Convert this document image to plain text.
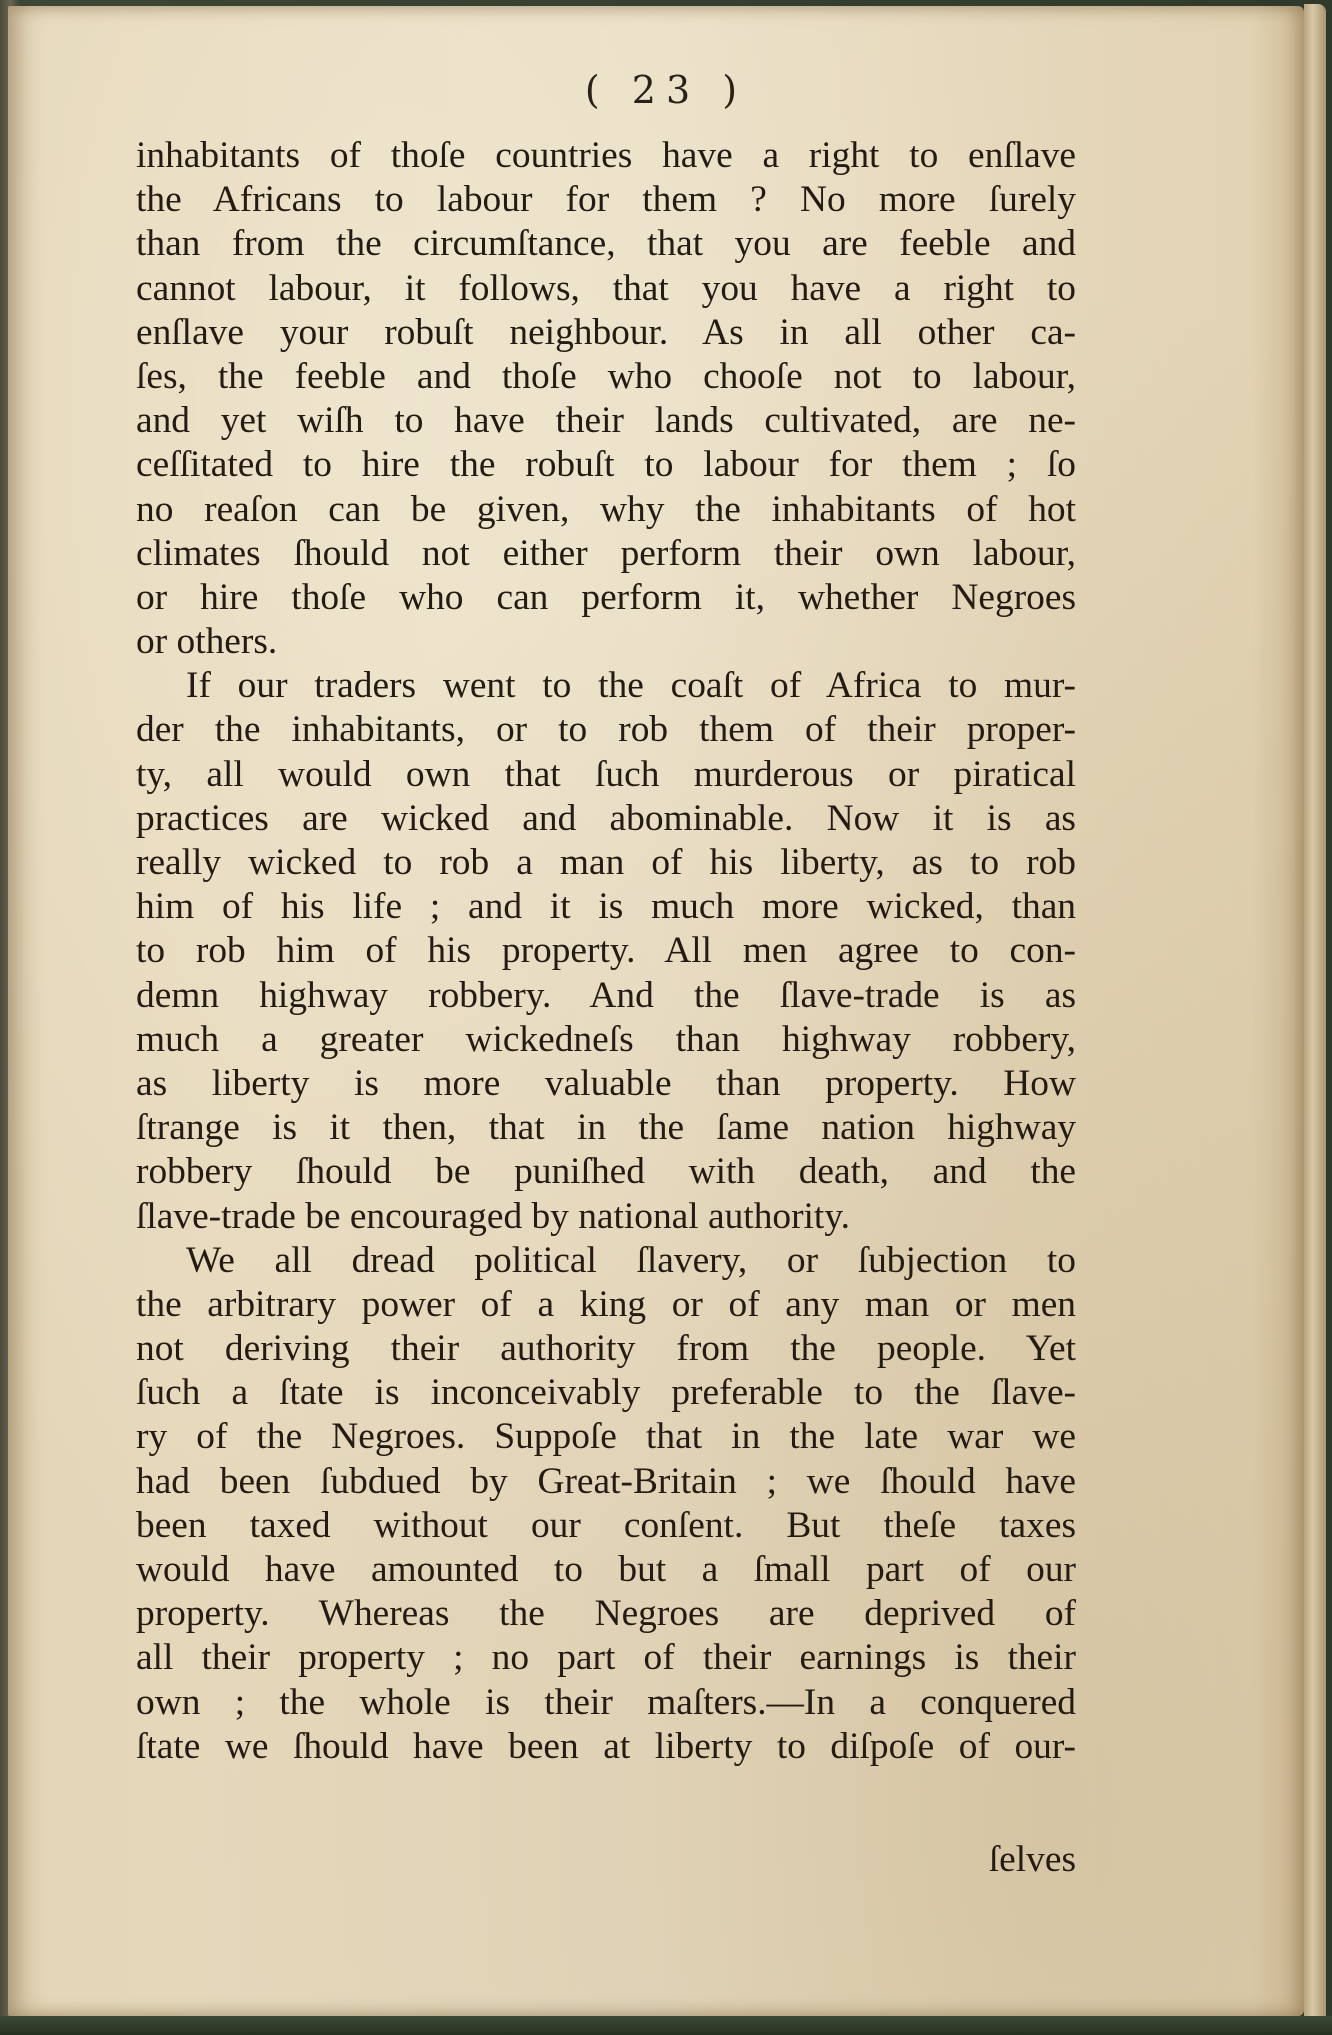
( 23 )
inhabitants of thoſe countries have a right to enſlave
the Africans to labour for them ? No more ſurely
than from the circumſtance, that you are feeble and
cannot labour, it follows, that you have a right to
enſlave your robuſt neighbour. As in all other ca-
ſes, the feeble and thoſe who chooſe not to labour,
and yet wiſh to have their lands cultivated, are ne-
ceſſitated to hire the robuſt to labour for them ; ſo
no reaſon can be given, why the inhabitants of hot
climates ſhould not either perform their own labour,
or hire thoſe who can perform it, whether Negroes
or others.
If our traders went to the coaſt of Africa to mur-
der the inhabitants, or to rob them of their proper-
ty, all would own that ſuch murderous or piratical
practices are wicked and abominable. Now it is as
really wicked to rob a man of his liberty, as to rob
him of his life ; and it is much more wicked, than
to rob him of his property. All men agree to con-
demn highway robbery. And the ſlave-trade is as
much a greater wickedneſs than highway robbery,
as liberty is more valuable than property. How
ſtrange is it then, that in the ſame nation highway
robbery ſhould be puniſhed with death, and the
ſlave-trade be encouraged by national authority.
We all dread political ſlavery, or ſubjection to
the arbitrary power of a king or of any man or men
not deriving their authority from the people. Yet
ſuch a ſtate is inconceivably preferable to the ſlave-
ry of the Negroes. Suppoſe that in the late war we
had been ſubdued by Great-Britain ; we ſhould have
been taxed without our conſent. But theſe taxes
would have amounted to but a ſmall part of our
property. Whereas the Negroes are deprived of
all their property ; no part of their earnings is their
own ; the whole is their maſters.—In a conquered
ſtate we ſhould have been at liberty to diſpoſe of our-
ſelves
